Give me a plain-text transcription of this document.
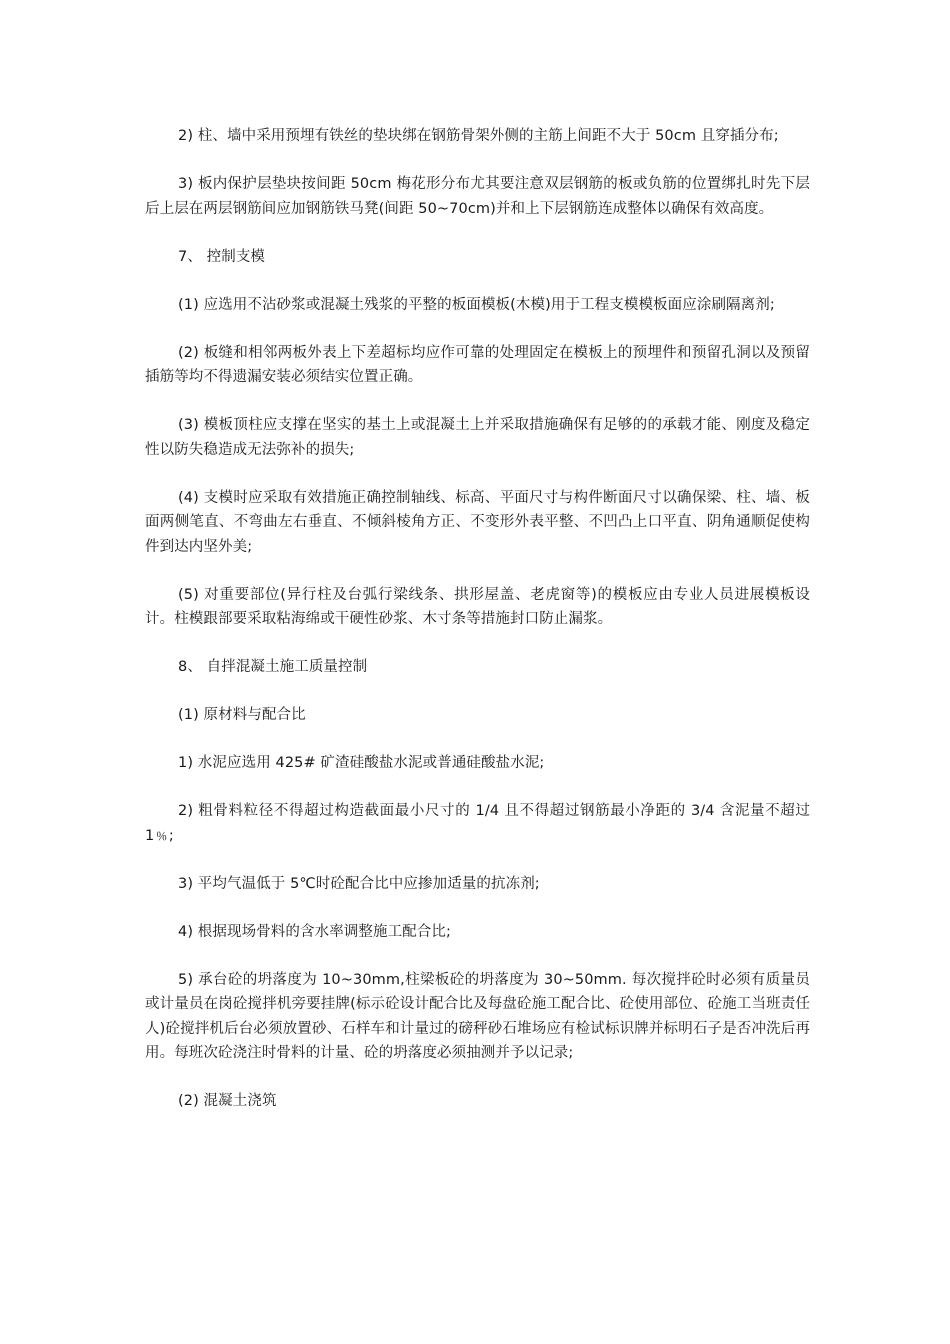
2) 柱、墙中采用预埋有铁丝的垫块绑在钢筋骨架外侧的主筋上间距不大于 50cm 且穿插分布;

3) 板内保护层垫块按间距 50cm 梅花形分布尤其要注意双层钢筋的板或负筋的位置绑扎时先下层后上层在两层钢筋间应加钢筋铁马凳(间距 50~70cm)并和上下层钢筋连成整体以确保有效高度。

7、 控制支模

(1) 应选用不沾砂浆或混凝土残浆的平整的板面模板(木模)用于工程支模模板面应涂刷隔离剂;

(2) 板缝和相邻两板外表上下差超标均应作可靠的处理固定在模板上的预埋件和预留孔洞以及预留插筋等均不得遗漏安装必须结实位置正确。

(3) 模板顶柱应支撑在坚实的基土上或混凝土上并采取措施确保有足够的的承载才能、刚度及稳定性以防失稳造成无法弥补的损失;

(4) 支模时应采取有效措施正确控制轴线、标高、平面尺寸与构件断面尺寸以确保梁、柱、墙、板面两侧笔直、不弯曲左右垂直、不倾斜棱角方正、不变形外表平整、不凹凸上口平直、阴角通顺促使构件到达内坚外美;

(5) 对重要部位(异行柱及台弧行梁线条、拱形屋盖、老虎窗等)的模板应由专业人员进展模板设计。柱模跟部要采取粘海绵或干硬性砂浆、木寸条等措施封口防止漏浆。

8、 自拌混凝土施工质量控制

(1) 原材料与配合比

1) 水泥应选用 425# 矿渣硅酸盐水泥或普通硅酸盐水泥;

2) 粗骨料粒径不得超过构造截面最小尺寸的 1/4 且不得超过钢筋最小净距的 3/4 含泥量不超过 1﹪;

3) 平均气温低于 5℃时砼配合比中应掺加适量的抗冻剂;

4) 根据现场骨料的含水率调整施工配合比;

5) 承台砼的坍落度为 10~30mm,柱梁板砼的坍落度为 30~50mm. 每次搅拌砼时必须有质量员或计量员在岗砼搅拌机旁要挂牌(标示砼设计配合比及每盘砼施工配合比、砼使用部位、砼施工当班责任人)砼搅拌机后台必须放置砂、石样车和计量过的磅秤砂石堆场应有检试标识牌并标明石子是否冲洗后再用。每班次砼浇注时骨料的计量、砼的坍落度必须抽测并予以记录;

(2) 混凝土浇筑
